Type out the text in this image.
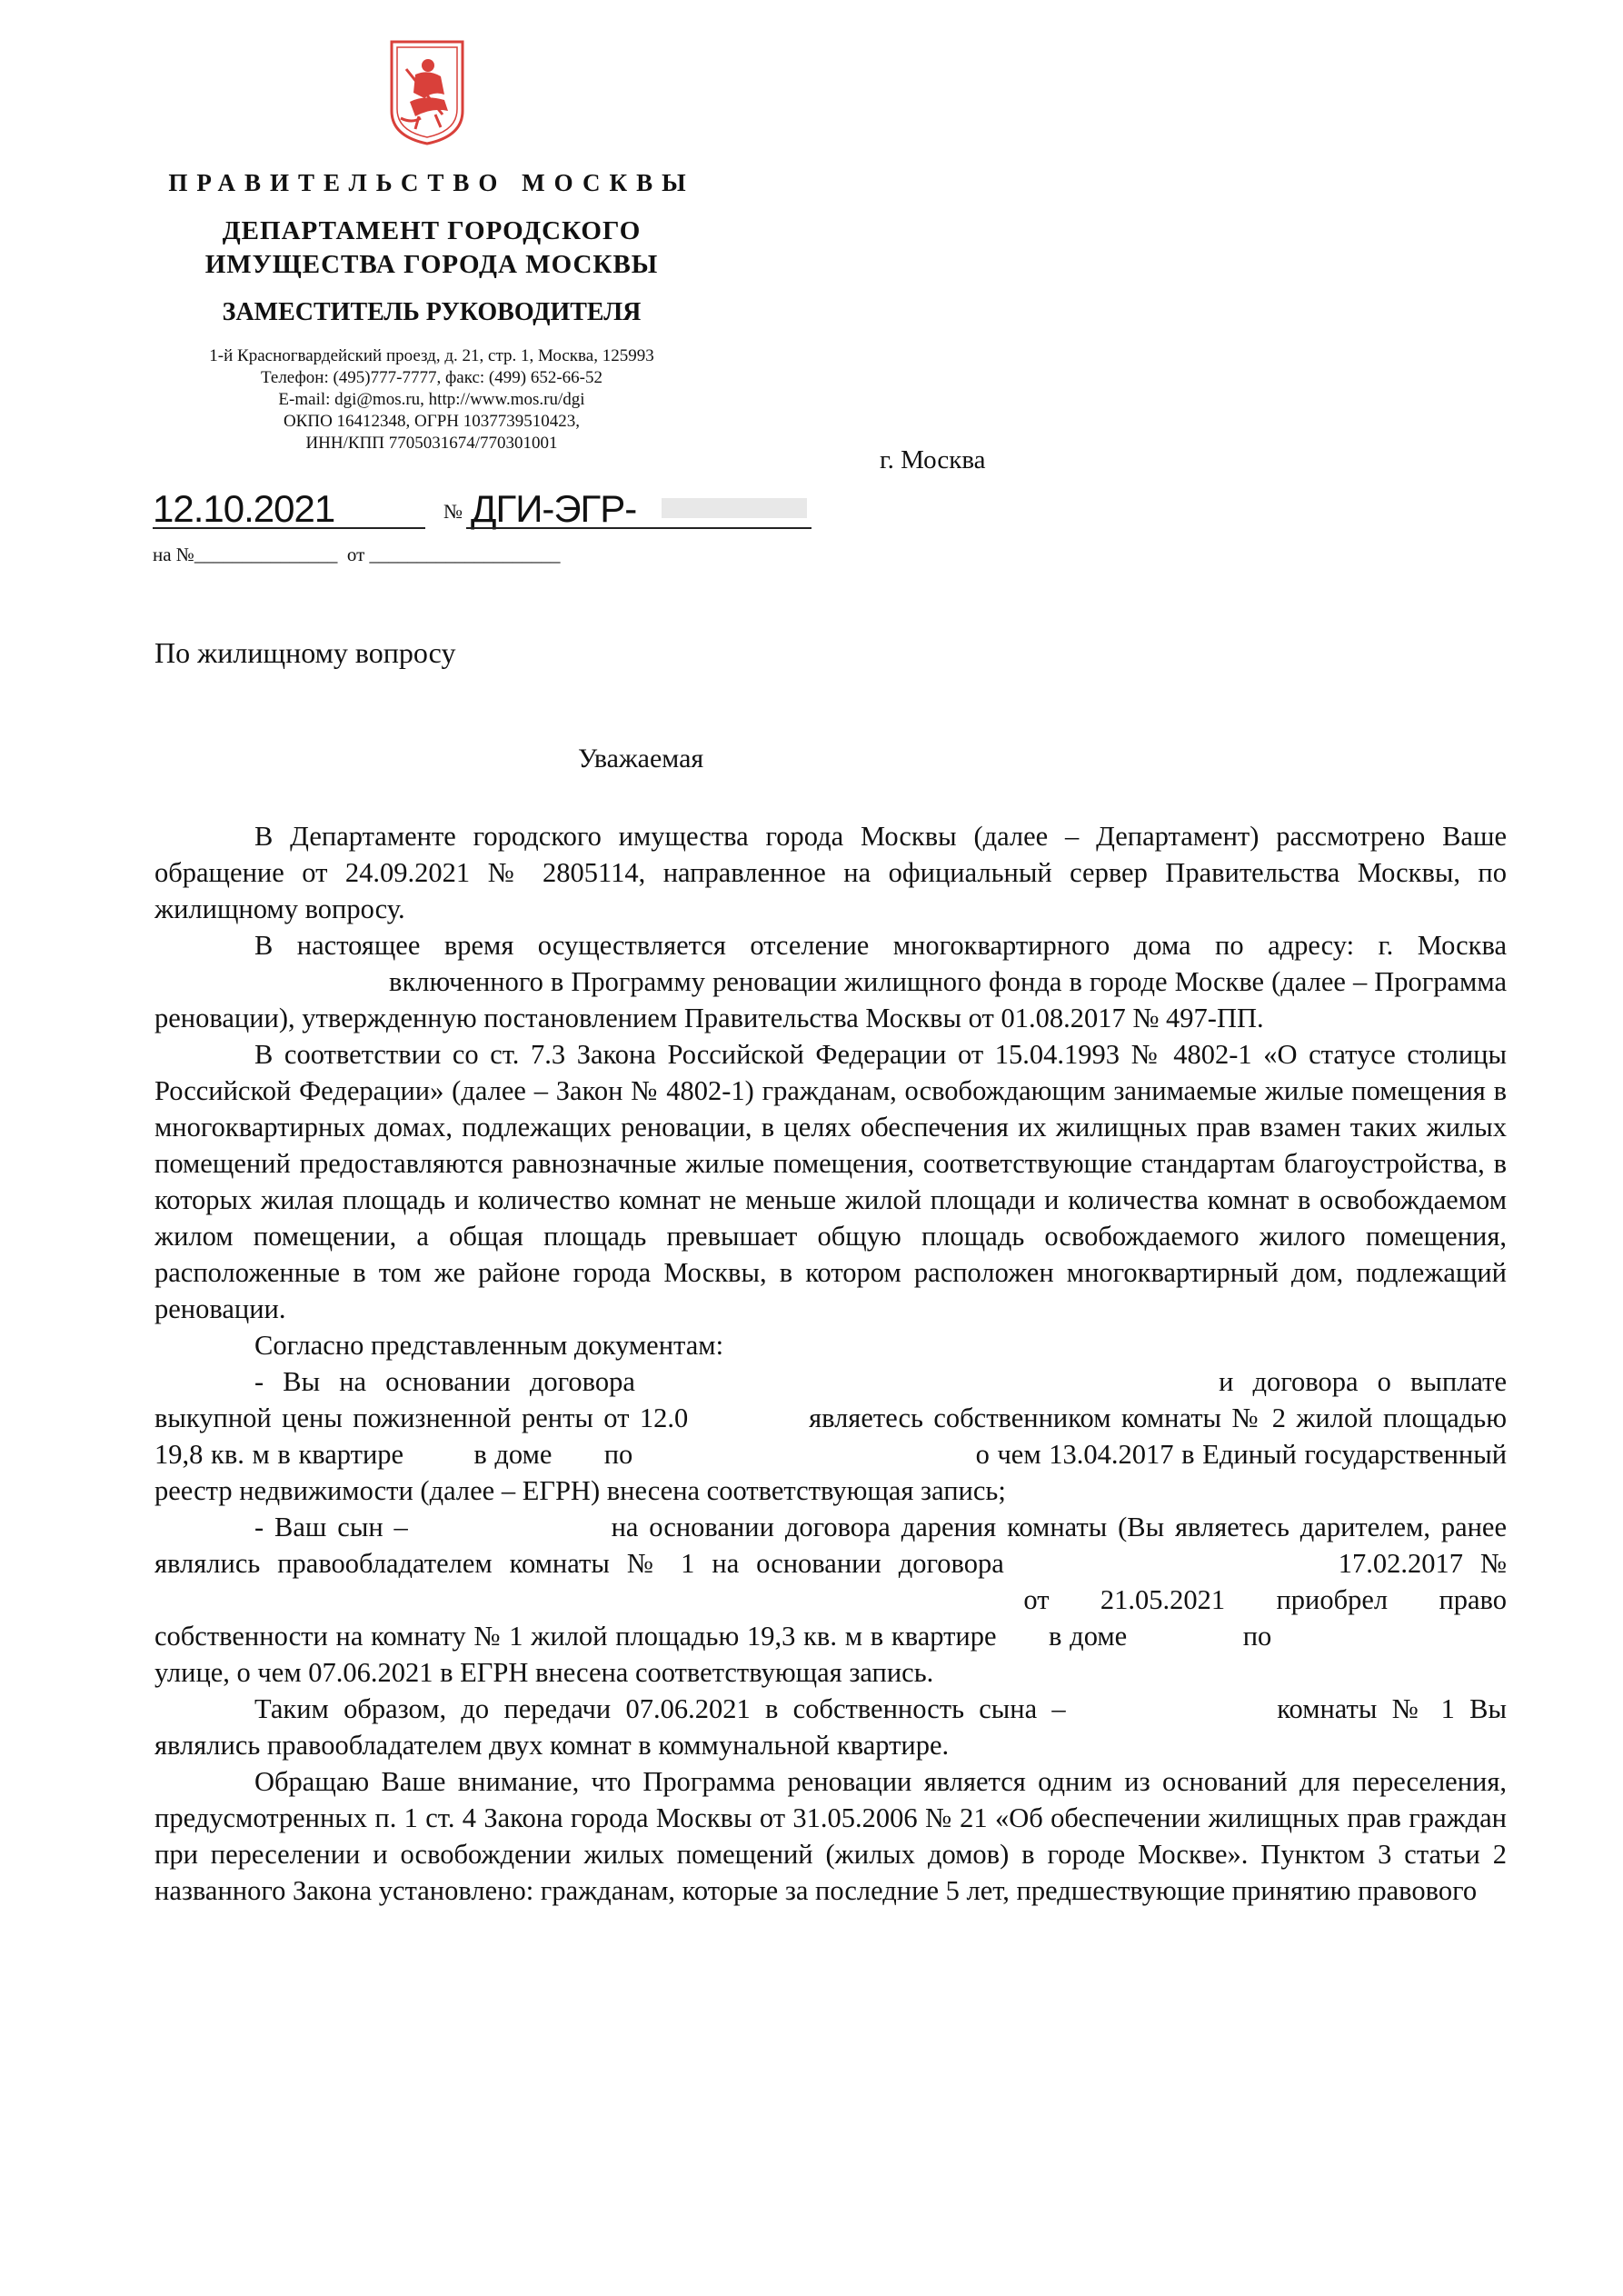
ПРАВИТЕЛЬСТВО МОСКВЫ
ДЕПАРТАМЕНТ ГОРОДСКОГО
ИМУЩЕСТВА ГОРОДА МОСКВЫ
ЗАМЕСТИТЕЛЬ РУКОВОДИТЕЛЯ
1-й Красногвардейский проезд, д. 21, стр. 1, Москва, 125993
Телефон: (495)777-7777, факс: (499) 652-66-52
E-mail: dgi@mos.ru, http://www.mos.ru/dgi
ОКПО 16412348, ОГРН 1037739510423,
ИНН/КПП 7705031674/770301001
г. Москва
12.10.2021	№ ДГИ-ЭГР-
на №_______________  от ____________________
По жилищному вопросу
Уважаемая

В Департаменте городского имущества города Москвы (далее – Департамент) рассмотрено Ваше обращение от 24.09.2021 № 2805114, направленное на официальный сервер Правительства Москвы, по жилищному вопросу.

В настоящее время осуществляется отселение многоквартирного дома по адресу: г. Москва  включенного в Программу реновации жилищного фонда в городе Москве (далее – Программа реновации), утвержденную постановлением Правительства Москвы от 01.08.2017 № 497-ПП.

В соответствии со ст. 7.3 Закона Российской Федерации от 15.04.1993 № 4802-1 «О статусе столицы Российской Федерации» (далее – Закон № 4802-1) гражданам, освобождающим занимаемые жилые помещения в многоквартирных домах, подлежащих реновации, в целях обеспечения их жилищных прав взамен таких жилых помещений предоставляются равнозначные жилые помещения, соответствующие стандартам благоустройства, в которых жилая площадь и количество комнат не меньше жилой площади и количества комнат в освобождаемом жилом помещении, а общая площадь превышает общую площадь освобождаемого жилого помещения, расположенные в том же районе города Москвы, в котором расположен многоквартирный дом, подлежащий реновации.

Согласно представленным документам:

- Вы на основании договора	и договора о выплате выкупной цены пожизненной ренты от 12.0	являетесь собственником комнаты № 2 жилой площадью 19,8 кв. м в квартире	в доме по	о чем 13.04.2017 в Единый государственный реестр недвижимости (далее – ЕГРН) внесена соответствующая запись;

- Ваш сын –	на основании договора дарения комнаты (Вы являетесь дарителем, ранее являлись правообладателем комнаты № 1 на основании договора	17.02.2017 №  от 21.05.2021 приобрел право собственности на комнату № 1 жилой площадью 19,3 кв. м в квартире в доме	по  улице, о чем 07.06.2021 в ЕГРН внесена соответствующая запись.

Таким образом, до передачи 07.06.2021 в собственность сына –	комнаты № 1 Вы являлись правообладателем двух комнат в коммунальной квартире.

Обращаю Ваше внимание, что Программа реновации является одним из оснований для переселения, предусмотренных п. 1 ст. 4 Закона города Москвы от 31.05.2006 № 21 «Об обеспечении жилищных прав граждан при переселении и освобождении жилых помещений (жилых домов) в городе Москве». Пунктом 3 статьи 2 названного Закона установлено: гражданам, которые за последние 5 лет, предшествующие принятию правового
